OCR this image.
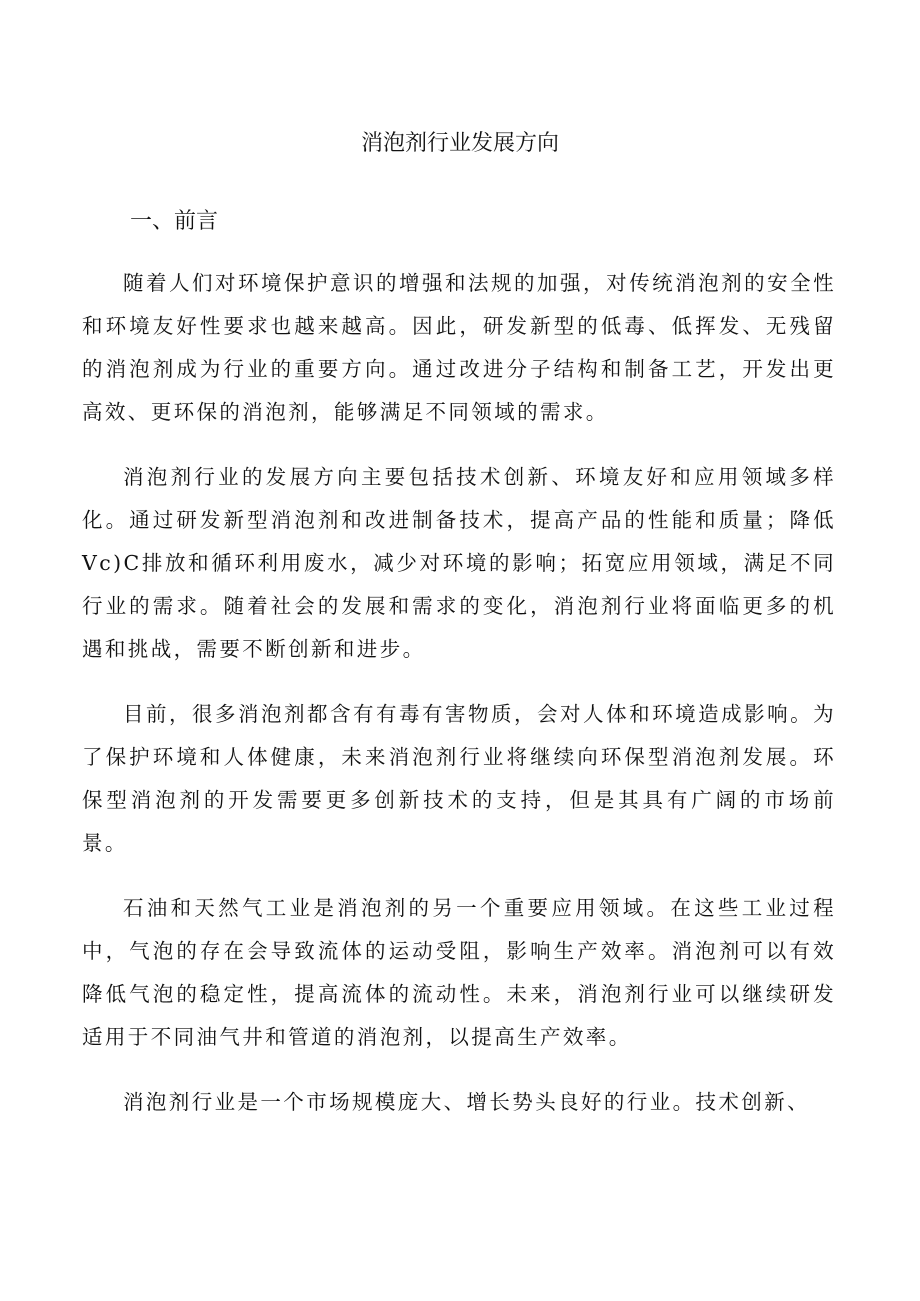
消泡剂行业发展方向
一、前言

随着人们对环境保护意识的增强和法规的加强，对传统消泡剂的安全性和环境友好性要求也越来越高。因此，研发新型的低毒、低挥发、无残留的消泡剂成为行业的重要方向。通过改进分子结构和制备工艺，开发出更高效、更环保的消泡剂，能够满足不同领域的需求。

消泡剂行业的发展方向主要包括技术创新、环境友好和应用领域多样化。通过研发新型消泡剂和改进制备技术，提高产品的性能和质量；降低Vc)C排放和循环利用废水，减少对环境的影响；拓宽应用领域，满足不同行业的需求。随着社会的发展和需求的变化，消泡剂行业将面临更多的机遇和挑战，需要不断创新和进步。

目前，很多消泡剂都含有有毒有害物质，会对人体和环境造成影响。为了保护环境和人体健康，未来消泡剂行业将继续向环保型消泡剂发展。环保型消泡剂的开发需要更多创新技术的支持，但是其具有广阔的市场前景。

石油和天然气工业是消泡剂的另一个重要应用领域。在这些工业过程中，气泡的存在会导致流体的运动受阻，影响生产效率。消泡剂可以有效降低气泡的稳定性，提高流体的流动性。未来，消泡剂行业可以继续研发适用于不同油气井和管道的消泡剂，以提高生产效率。

消泡剂行业是一个市场规模庞大、增长势头良好的行业。技术创新、
